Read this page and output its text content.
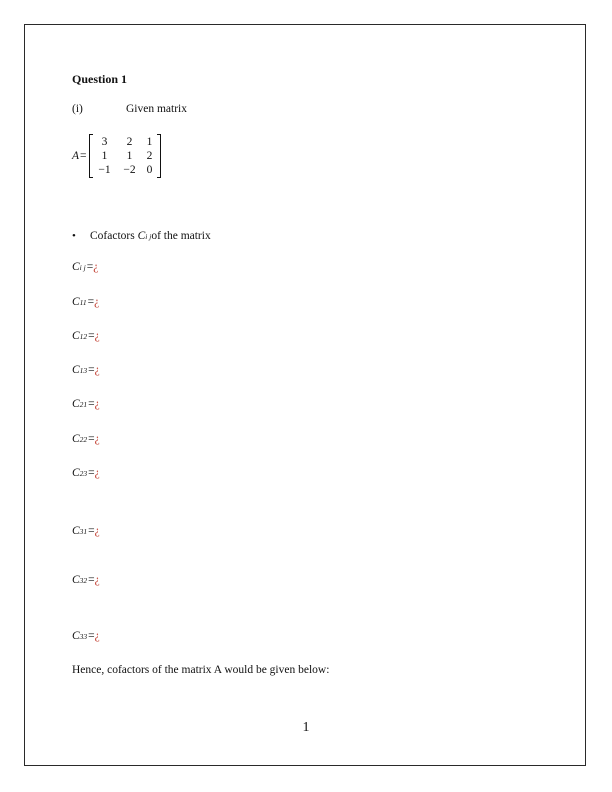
Question 1
(i)	Given matrix
A =
3	2	1
1	1	2
−1	−2 0
•	Cofactors C i j of the matrix
C i j = ¿
C 11 = ¿
C 12 = ¿
C 13 = ¿
C 21 = ¿
C 22 = ¿
C 23 = ¿
C 31 = ¿
C 32 = ¿
C 33 = ¿
Hence, cofactors of the matrix A would be given below:
1
